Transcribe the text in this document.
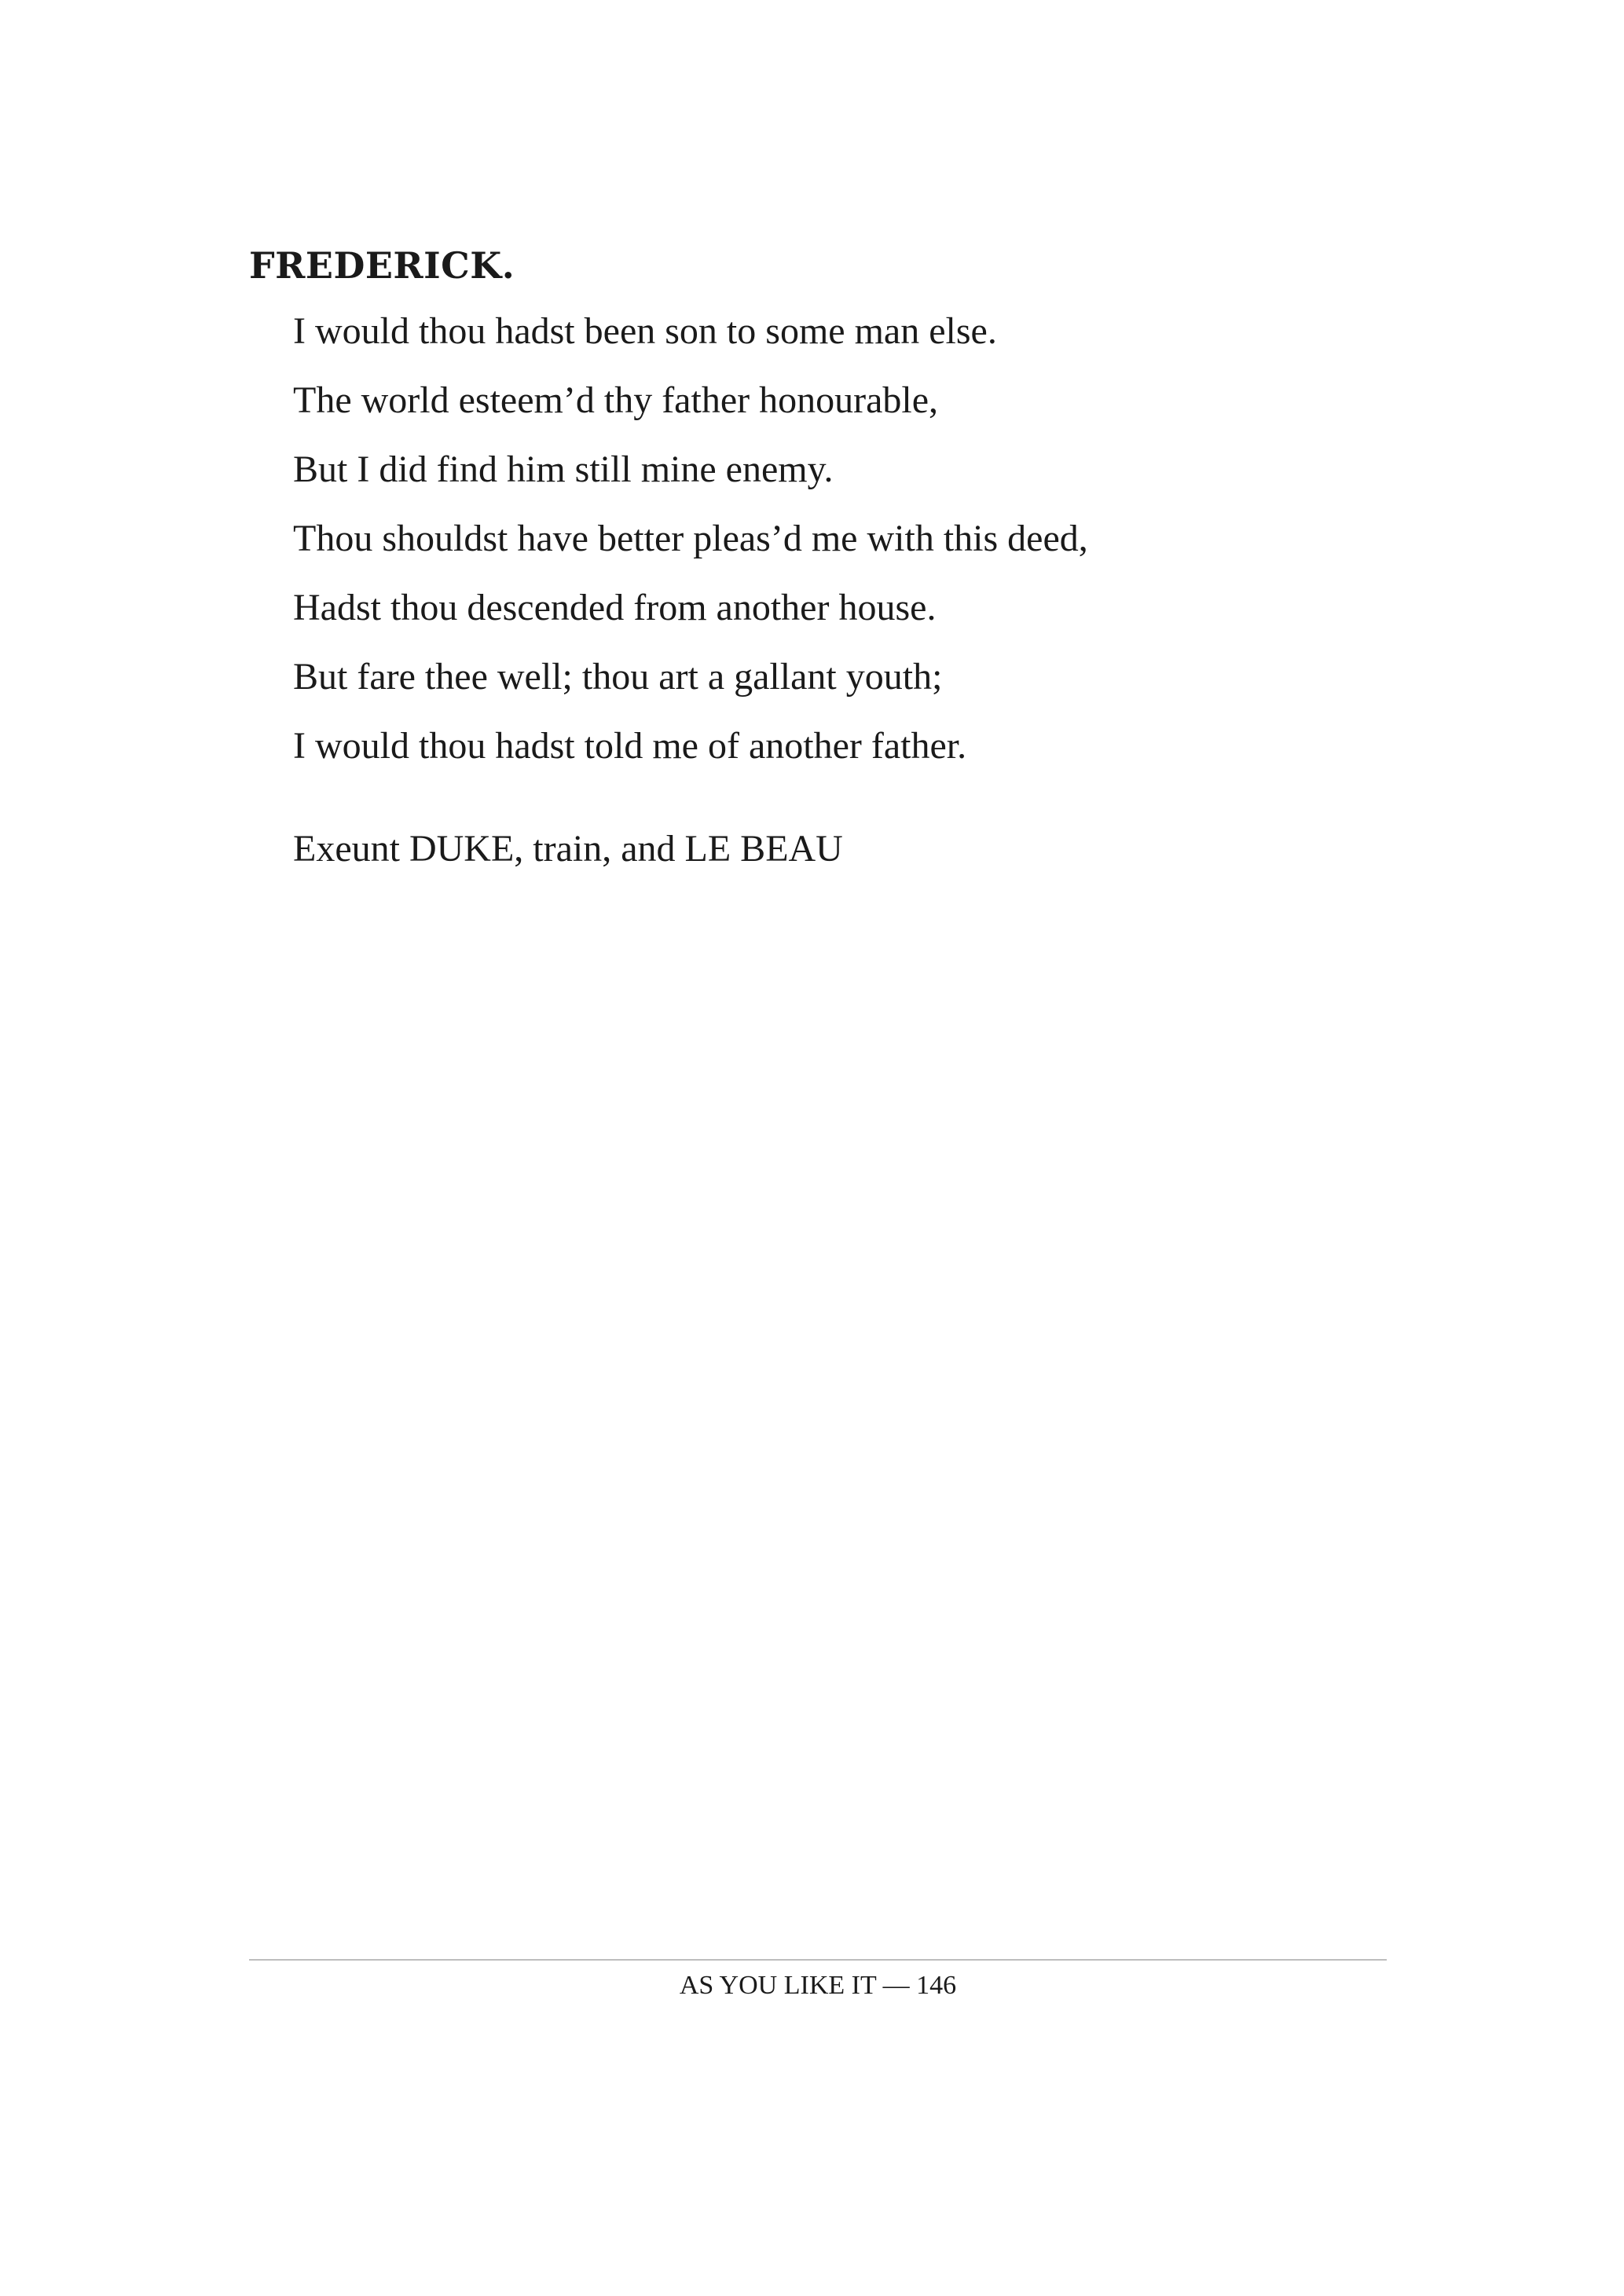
FREDERICK.
I would thou hadst been son to some man else.
The world esteem’d thy father honourable,
But I did find him still mine enemy.
Thou shouldst have better pleas’d me with this deed,
Hadst thou descended from another house.
But fare thee well; thou art a gallant youth;
I would thou hadst told me of another father.
Exeunt DUKE, train, and LE BEAU
AS YOU LIKE IT — 146
